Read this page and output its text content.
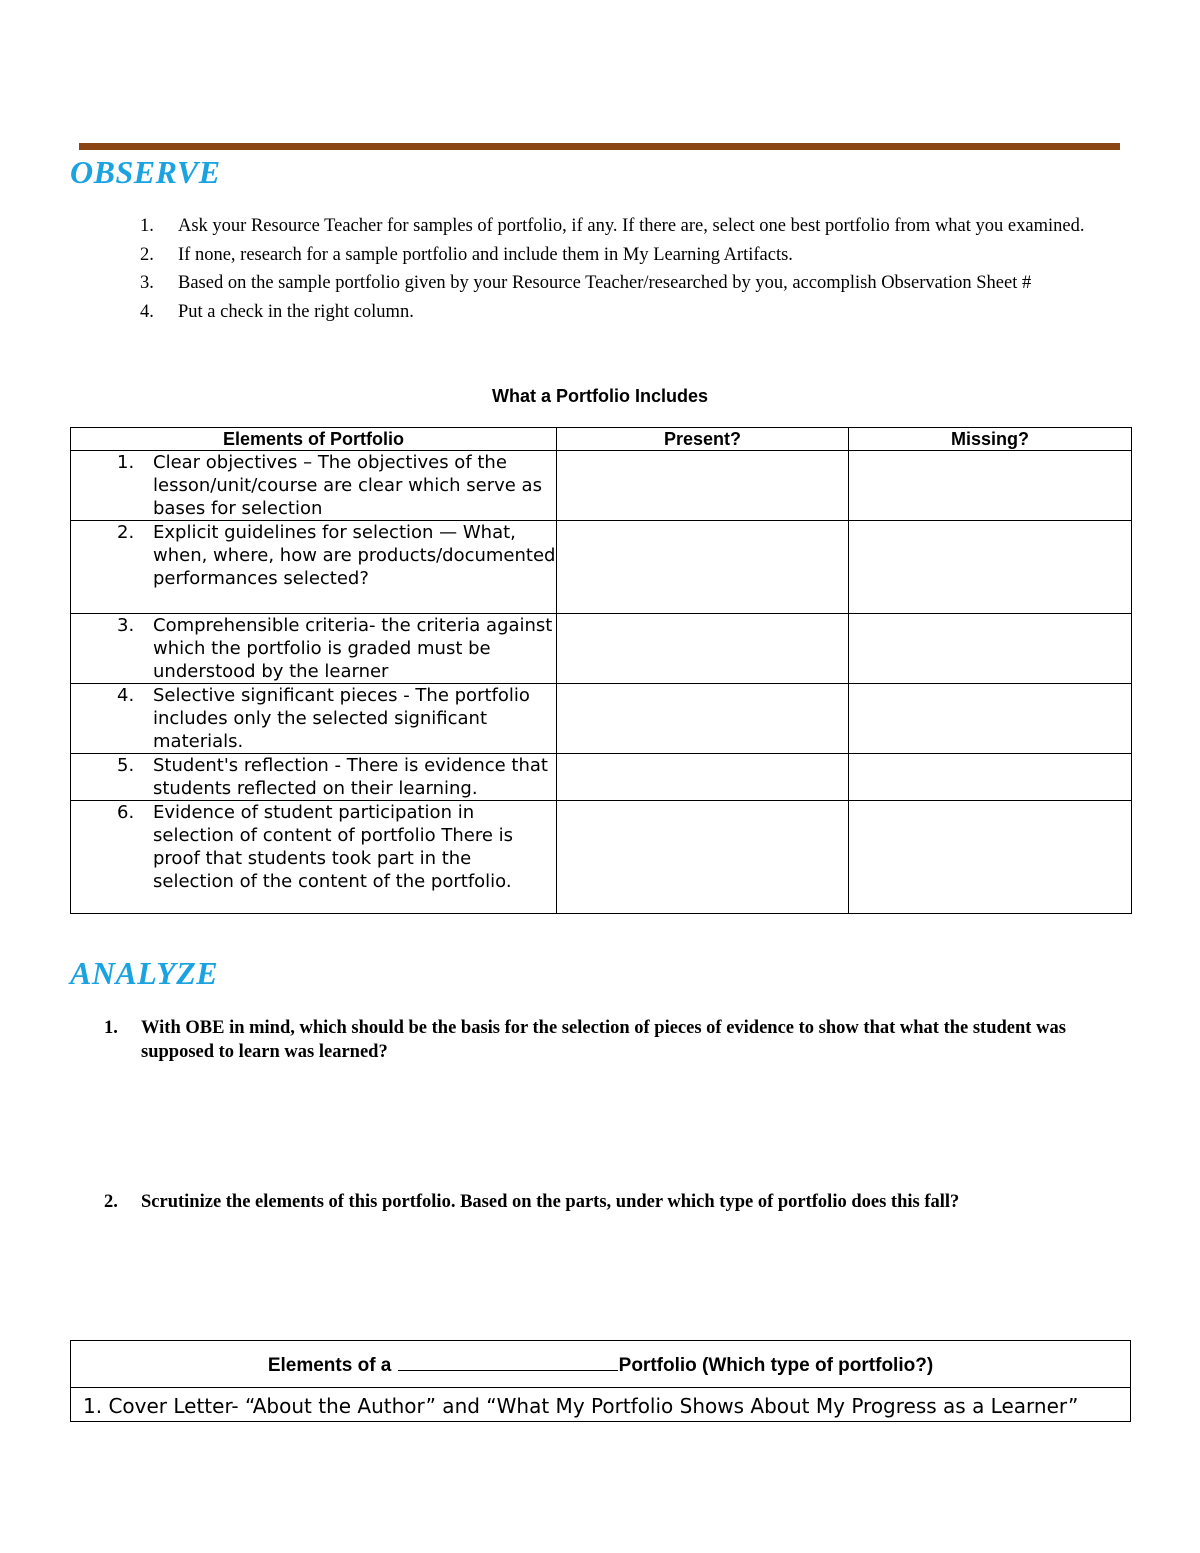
OBSERVE
1. Ask your Resource Teacher for samples of portfolio, if any. If there are, select one best portfolio from what you examined.
2. If none, research for a sample portfolio and include them in My Learning Artifacts.
3. Based on the sample portfolio given by your Resource Teacher/researched by you, accomplish Observation Sheet #
4. Put a check in the right column.
What a Portfolio Includes
Elements of Portfolio	Present?	Missing?

1. Clear objectives – The objectives of the lesson/unit/course are clear which serve as bases for selection		

2. Explicit guidelines for selection — What, when, where, how are products/documented performances selected?		

3. Comprehensible criteria- the criteria against which the portfolio is graded must be understood by the learner		

4. Selective significant pieces - The portfolio includes only the selected significant materials.		

5. Student's reflection - There is evidence that students reflected on their learning.		

6. Evidence of student participation in selection of content of portfolio There is proof that students took part in the selection of the content of the portfolio.		

ANALYZE
1. With OBE in mind, which should be the basis for the selection of pieces of evidence to show that what the student was supposed to learn was learned?
2. Scrutinize the elements of this portfolio. Based on the parts, under which type of portfolio does this fall?
Elements of a	Portfolio (Which type of portfolio?)
1. Cover Letter- “About the Author” and “What My Portfolio Shows About My Progress as a Learner”
